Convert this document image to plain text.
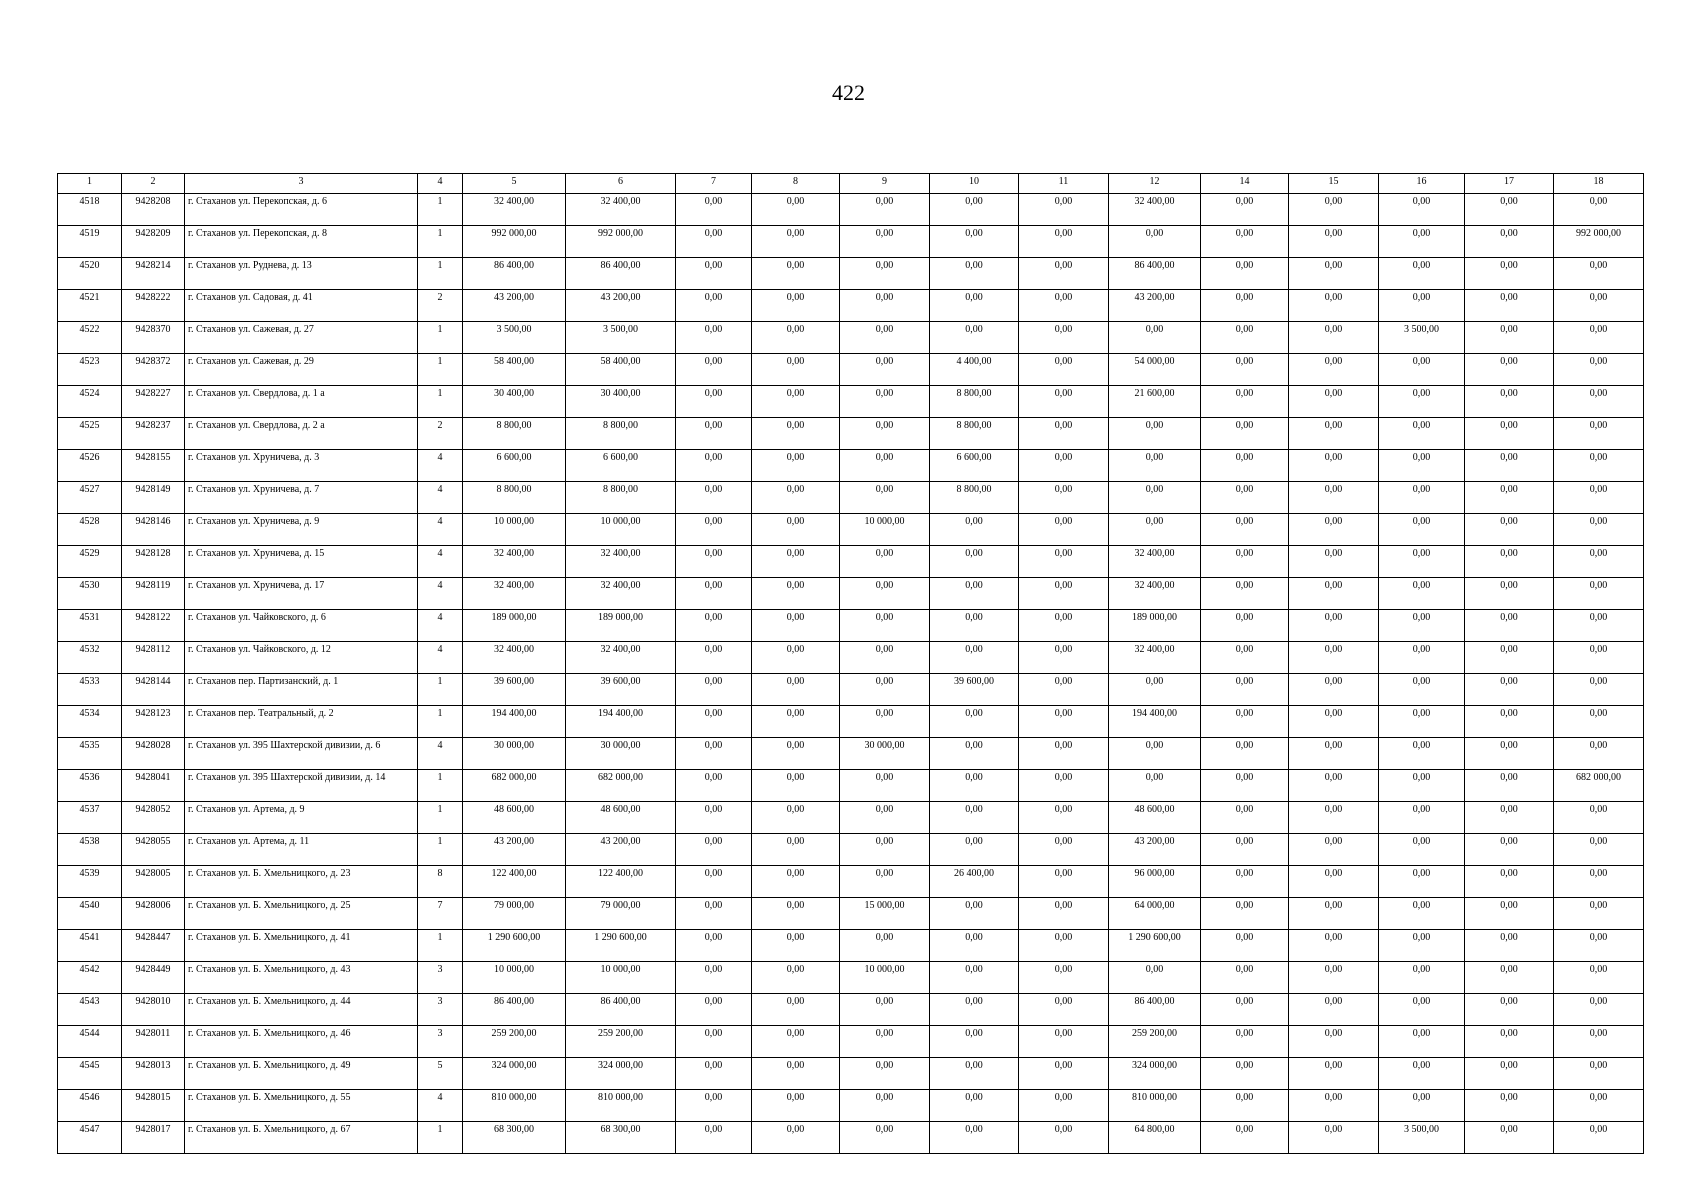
422
1	2	3	4	5	6	7	8	9	10	11	12	14	15	16	17	18
4518	9428208	г. Стаханов ул. Перекопская, д. 6	1	32 400,00	32 400,00	0,00	0,00	0,00	0,00	0,00	32 400,00	0,00	0,00	0,00	0,00	0,00
4519	9428209	г. Стаханов ул. Перекопская, д. 8	1	992 000,00	992 000,00	0,00	0,00	0,00	0,00	0,00	0,00	0,00	0,00	0,00	0,00	992 000,00
4520	9428214	г. Стаханов ул. Руднева, д. 13	1	86 400,00	86 400,00	0,00	0,00	0,00	0,00	0,00	86 400,00	0,00	0,00	0,00	0,00	0,00
4521	9428222	г. Стаханов ул. Садовая, д. 41	2	43 200,00	43 200,00	0,00	0,00	0,00	0,00	0,00	43 200,00	0,00	0,00	0,00	0,00	0,00
4522	9428370	г. Стаханов ул. Сажевая, д. 27	1	3 500,00	3 500,00	0,00	0,00	0,00	0,00	0,00	0,00	0,00	0,00	3 500,00	0,00	0,00
4523	9428372	г. Стаханов ул. Сажевая, д. 29	1	58 400,00	58 400,00	0,00	0,00	0,00	4 400,00	0,00	54 000,00	0,00	0,00	0,00	0,00	0,00
4524	9428227	г. Стаханов ул. Свердлова, д. 1 а	1	30 400,00	30 400,00	0,00	0,00	0,00	8 800,00	0,00	21 600,00	0,00	0,00	0,00	0,00	0,00
4525	9428237	г. Стаханов ул. Свердлова, д. 2 а	2	8 800,00	8 800,00	0,00	0,00	0,00	8 800,00	0,00	0,00	0,00	0,00	0,00	0,00	0,00
4526	9428155	г. Стаханов ул. Хруничева, д. 3	4	6 600,00	6 600,00	0,00	0,00	0,00	6 600,00	0,00	0,00	0,00	0,00	0,00	0,00	0,00
4527	9428149	г. Стаханов ул. Хруничева, д. 7	4	8 800,00	8 800,00	0,00	0,00	0,00	8 800,00	0,00	0,00	0,00	0,00	0,00	0,00	0,00
4528	9428146	г. Стаханов ул. Хруничева, д. 9	4	10 000,00	10 000,00	0,00	0,00	10 000,00	0,00	0,00	0,00	0,00	0,00	0,00	0,00	0,00
4529	9428128	г. Стаханов ул. Хруничева, д. 15	4	32 400,00	32 400,00	0,00	0,00	0,00	0,00	0,00	32 400,00	0,00	0,00	0,00	0,00	0,00
4530	9428119	г. Стаханов ул. Хруничева, д. 17	4	32 400,00	32 400,00	0,00	0,00	0,00	0,00	0,00	32 400,00	0,00	0,00	0,00	0,00	0,00
4531	9428122	г. Стаханов ул. Чайковского, д. 6	4	189 000,00	189 000,00	0,00	0,00	0,00	0,00	0,00	189 000,00	0,00	0,00	0,00	0,00	0,00
4532	9428112	г. Стаханов ул. Чайковского, д. 12	4	32 400,00	32 400,00	0,00	0,00	0,00	0,00	0,00	32 400,00	0,00	0,00	0,00	0,00	0,00
4533	9428144	г. Стаханов пер. Партизанский, д. 1	1	39 600,00	39 600,00	0,00	0,00	0,00	39 600,00	0,00	0,00	0,00	0,00	0,00	0,00	0,00
4534	9428123	г. Стаханов пер. Театральный, д. 2	1	194 400,00	194 400,00	0,00	0,00	0,00	0,00	0,00	194 400,00	0,00	0,00	0,00	0,00	0,00
4535	9428028	г. Стаханов ул. 395 Шахтерской дивизии, д. 6	4	30 000,00	30 000,00	0,00	0,00	30 000,00	0,00	0,00	0,00	0,00	0,00	0,00	0,00	0,00
4536	9428041	г. Стаханов ул. 395 Шахтерской дивизии, д. 14	1	682 000,00	682 000,00	0,00	0,00	0,00	0,00	0,00	0,00	0,00	0,00	0,00	0,00	682 000,00
4537	9428052	г. Стаханов ул. Артема, д. 9	1	48 600,00	48 600,00	0,00	0,00	0,00	0,00	0,00	48 600,00	0,00	0,00	0,00	0,00	0,00
4538	9428055	г. Стаханов ул. Артема, д. 11	1	43 200,00	43 200,00	0,00	0,00	0,00	0,00	0,00	43 200,00	0,00	0,00	0,00	0,00	0,00
4539	9428005	г. Стаханов ул. Б. Хмельницкого, д. 23	8	122 400,00	122 400,00	0,00	0,00	0,00	26 400,00	0,00	96 000,00	0,00	0,00	0,00	0,00	0,00
4540	9428006	г. Стаханов ул. Б. Хмельницкого, д. 25	7	79 000,00	79 000,00	0,00	0,00	15 000,00	0,00	0,00	64 000,00	0,00	0,00	0,00	0,00	0,00
4541	9428447	г. Стаханов ул. Б. Хмельницкого, д. 41	1	1 290 600,00	1 290 600,00	0,00	0,00	0,00	0,00	0,00	1 290 600,00	0,00	0,00	0,00	0,00	0,00
4542	9428449	г. Стаханов ул. Б. Хмельницкого, д. 43	3	10 000,00	10 000,00	0,00	0,00	10 000,00	0,00	0,00	0,00	0,00	0,00	0,00	0,00	0,00
4543	9428010	г. Стаханов ул. Б. Хмельницкого, д. 44	3	86 400,00	86 400,00	0,00	0,00	0,00	0,00	0,00	86 400,00	0,00	0,00	0,00	0,00	0,00
4544	9428011	г. Стаханов ул. Б. Хмельницкого, д. 46	3	259 200,00	259 200,00	0,00	0,00	0,00	0,00	0,00	259 200,00	0,00	0,00	0,00	0,00	0,00
4545	9428013	г. Стаханов ул. Б. Хмельницкого, д. 49	5	324 000,00	324 000,00	0,00	0,00	0,00	0,00	0,00	324 000,00	0,00	0,00	0,00	0,00	0,00
4546	9428015	г. Стаханов ул. Б. Хмельницкого, д. 55	4	810 000,00	810 000,00	0,00	0,00	0,00	0,00	0,00	810 000,00	0,00	0,00	0,00	0,00	0,00
4547	9428017	г. Стаханов ул. Б. Хмельницкого, д. 67	1	68 300,00	68 300,00	0,00	0,00	0,00	0,00	0,00	64 800,00	0,00	0,00	3 500,00	0,00	0,00
